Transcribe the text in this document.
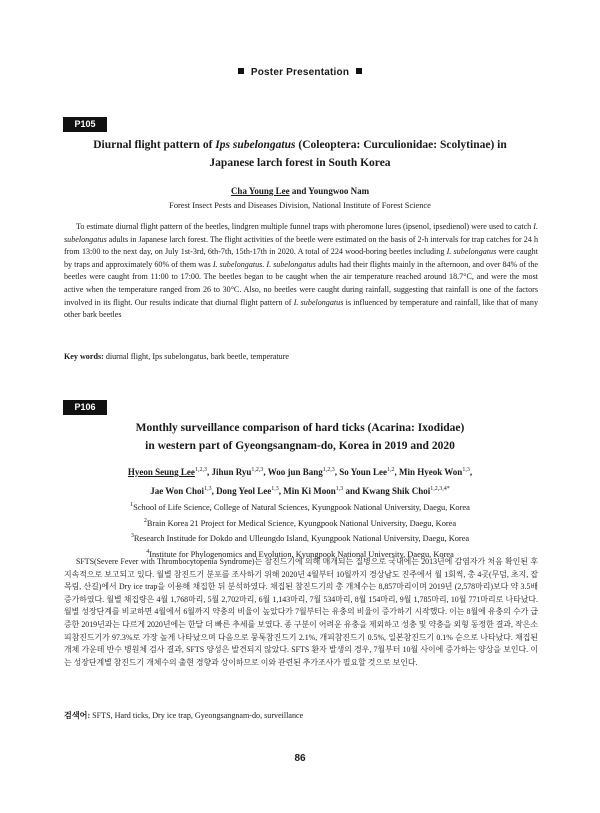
Poster Presentation
P105
Diurnal flight pattern of Ips subelongatus (Coleoptera: Curculionidae: Scolytinae) in
Japanese larch forest in South Korea
Cha Young Lee and Youngwoo Nam
Forest Insect Pests and Diseases Division, National Institute of Forest Science

To estimate diurnal flight pattern of the beetles, lindgren multiple funnel traps with pheromone lures (ipsenol, ipsedienol) were used to catch I. subelongatus adults in Japanese larch forest. The flight activities of the beetle were estimated on the basis of 2-h intervals for trap catches for 24 h from 13:00 to the next day, on July 1st-3rd, 6th-7th, 15th-17th in 2020. A total of 224 wood-boring beetles including I. subelongatus were caught by traps and approximately 60% of them was I. subelongatus. I. subelongatus adults had their flights mainly in the afternoon, and over 84% of the beetles were caught from 11:00 to 17:00. The beetles began to be caught when the air temperature reached around 18.7°C, and were the most active when the temperature ranged from 26 to 30°C. Also, no beetles were caught during rainfall, suggesting that rainfall is one of the factors involved in its flight. Our results indicate that diurnal flight pattern of I. subelongatus is influenced by temperature and rainfall, like that of many other bark beetles

Key words: diurnal flight, Ips subelongatus, bark beetle, temperature
P106
Monthly surveillance comparison of hard ticks (Acarina: Ixodidae)
in western part of Gyeongsangnam-do, Korea in 2019 and 2020
Hyeon Seung Lee$^{1,2,3}$, Jihun Ryu$^{1,2,3}$, Woo jun Bang$^{1,2,3}$, So Youn Lee$^{1,2}$, Min Hyeok Won$^{1,3}$,
Jae Won Choi$^{1,3}$, Dong Yeol Lee$^{1,3}$, Min Ki Moon$^{1,3}$ and Kwang Shik Choi$^{1,2,3,4*}$
$^1$School of Life Science, College of Natural Sciences, Kyungpook National University, Daegu, Korea
$^2$Brain Korea 21 Project for Medical Science, Kyungpook National University, Daegu, Korea
$^3$Research Institude for Dokdo and Ulleungdo Island, Kyungpook National University, Daegu, Korea
$^4$Institute for Phylogenomics and Evolution, Kyungpook National University, Daegu, Korea

SFTS(Severe Fever with Thrombocytopenia Syndrome)는 참진드기에 의해 매개되는 질병으로 국내에는 2013년에 감염자가 처음 확인된 후 지속적으로 보고되고 있다. 월별 참진드기 분포를 조사하기 위해 2020년 4월부터 10월까지 경상남도 진주에서 월 1회씩, 총 4곳(무덤, 초지, 잡목림, 산길)에서 Dry ice trap을 이용해 채집한 뒤 분석하였다. 채집된 참진드기의 총 개체수는 8,857마리이며 2019년 (2,578마리)보다 약 3.5배 증가하였다. 월별 채집량은 4월 1,768마리, 5월 2,702마리, 6월 1,143마리, 7월 534마리, 8월 154마리, 9월 1,785마리, 10월 771마리로 나타났다. 월별 성장단계를 비교하면 4월에서 6월까지 약충의 비율이 높았다가 7월부터는 유충의 비율이 증가하기 시작했다. 이는 8월에 유충의 수가 급증한 2019년과는 다르게 2020년에는 한달 더 빠른 추세를 보였다. 종 구분이 어려운 유충을 제외하고 성충 및 약충을 외형 동정한 결과, 작은소피참진드기가 97.3%로 가장 높게 나타났으며 다음으로 뭉툭참진드기 2.1%, 개피참진드기 0.5%, 일본참진드기 0.1% 순으로 나타났다. 채집된 개체 가운데 반수 병원체 검사 결과, SFTS 양성은 발견되지 않았다. SFTS 환자 발생의 경우, 7월부터 10월 사이에 증가하는 양상을 보인다. 이는 성장단계별 참진드기 개체수의 출현 경향과 상이하므로 이와 관련된 추가조사가 필요할 것으로 보인다.

검색어: SFTS, Hard ticks, Dry ice trap, Gyeongsangnam-do, surveillance
86
